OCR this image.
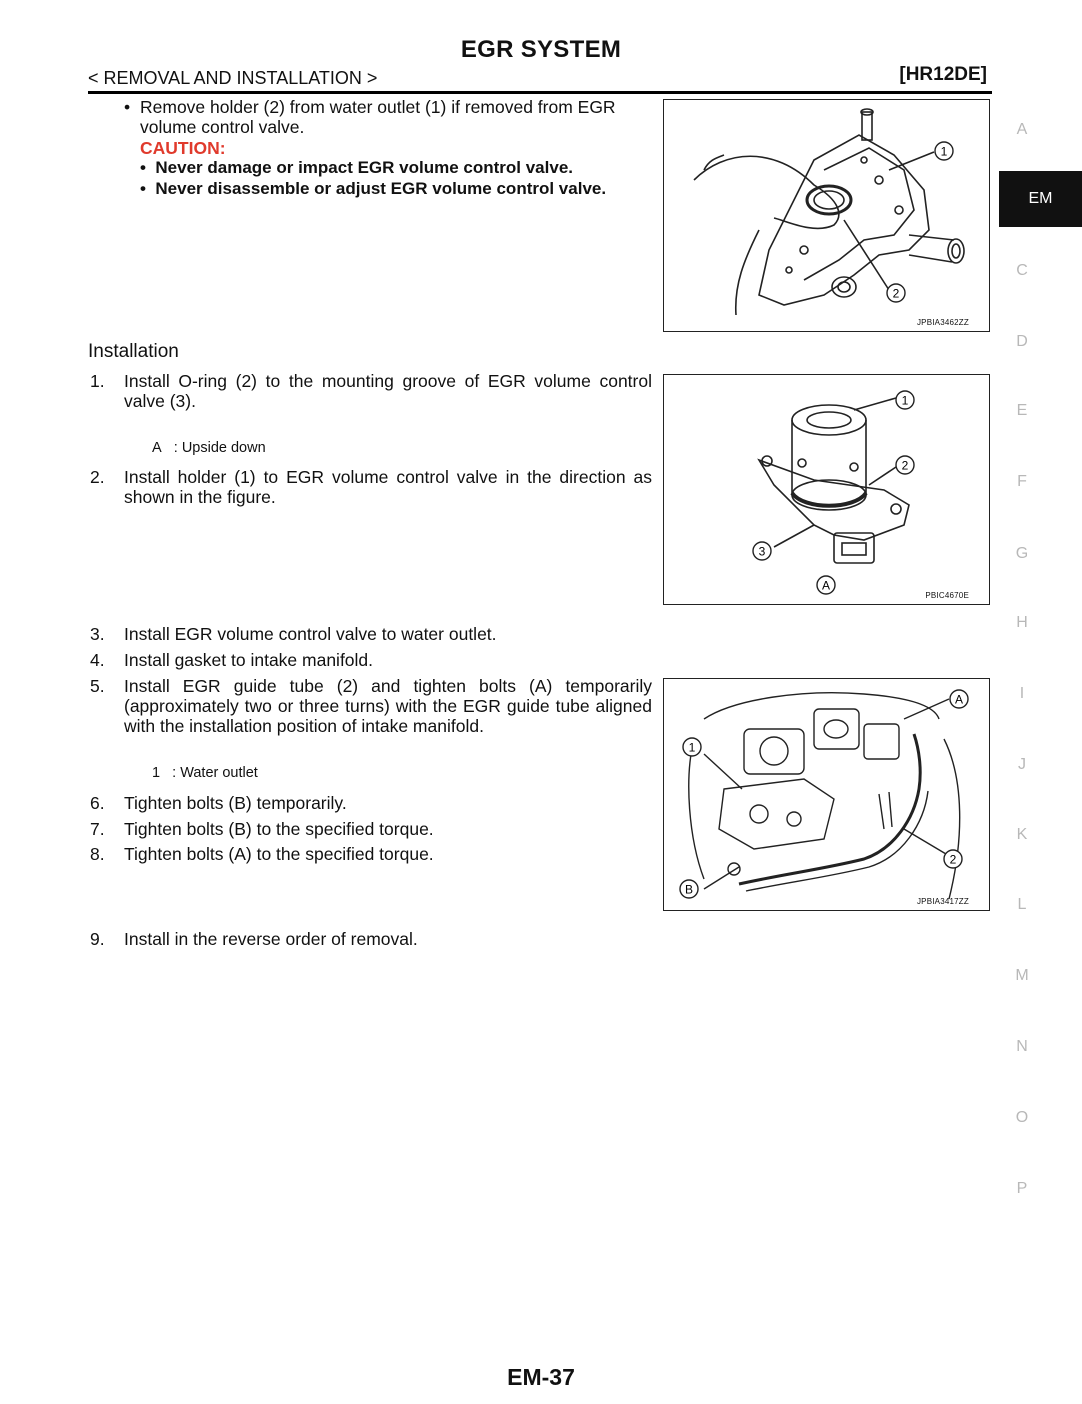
EGR SYSTEM
< REMOVAL AND INSTALLATION >	[HR12DE]
• Remove holder (2) from water outlet (1) if removed from EGR volume control valve.
CAUTION:
•  Never damage or impact EGR volume control valve.
•  Never disassemble or adjust EGR volume control valve.
Installation
1. Install O-ring (2) to the mounting groove of EGR volume control valve (3).
A   : Upside down
2. Install holder (1) to EGR volume control valve in the direction as shown in the figure.
3. Install EGR volume control valve to water outlet.
4. Install gasket to intake manifold.
5. Install EGR guide tube (2) and tighten bolts (A) temporarily (approximately two or three turns) with the EGR guide tube aligned with the installation position of intake manifold.
1   : Water outlet
6. Tighten bolts (B) temporarily.
7. Tighten bolts (B) to the specified torque.
8. Tighten bolts (A) to the specified torque.
9. Install in the reverse order of removal.
1
2
JPBIA3462ZZ
1
2
3
A
PBIC4670E
A
1
B
2
JPBIA3417ZZ
EM
A
C
D
E
F
G
H
I
J
K
L
M
N
O
P
EM-37
